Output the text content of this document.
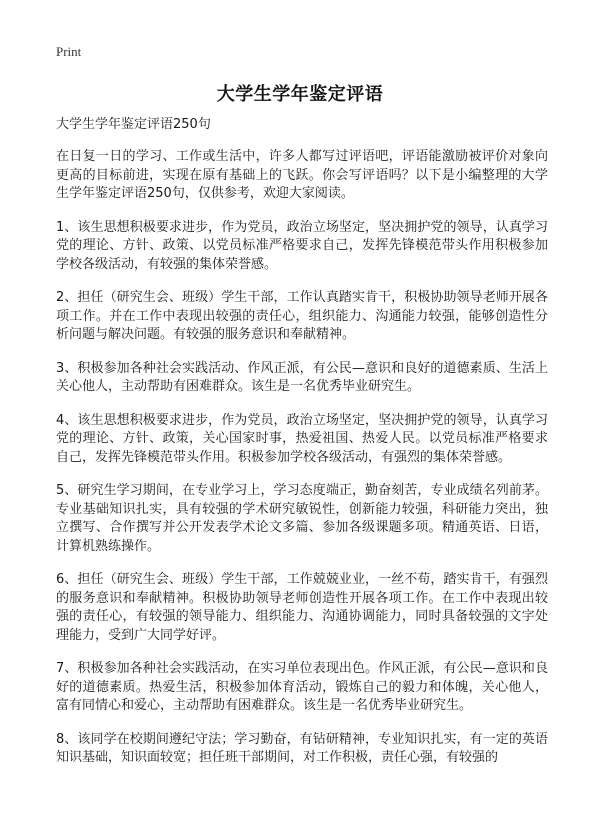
Print
大学生学年鉴定评语

大学生学年鉴定评语250句

在日复一日的学习、工作或生活中，许多人都写过评语吧，评语能激励被评价对象向更高的目标前进，实现在原有基础上的飞跃。你会写评语吗？以下是小编整理的大学生学年鉴定评语250句，仅供参考，欢迎大家阅读。

1、该生思想积极要求进步，作为党员，政治立场坚定，坚决拥护党的领导，认真学习党的理论、方针、政策、以党员标准严格要求自己，发挥先锋模范带头作用积极参加学校各级活动，有较强的集体荣誉感。

2、担任（研究生会、班级）学生干部，工作认真踏实肯干，积极协助领导老师开展各项工作。并在工作中表现出较强的责任心，组织能力、沟通能力较强，能够创造性分析问题与解决问题。有较强的服务意识和奉献精神。

3、积极参加各种社会实践活动、作风正派，有公民—意识和良好的道德素质、生活上关心他人，主动帮助有困难群众。该生是一名优秀毕业研究生。

4、该生思想积极要求进步，作为党员，政治立场坚定，坚决拥护党的领导，认真学习党的理论、方针、政策，关心国家时事，热爱祖国、热爱人民。以党员标准严格要求自己，发挥先锋模范带头作用。积极参加学校各级活动，有强烈的集体荣誉感。

5、研究生学习期间，在专业学习上，学习态度端正，勤奋刻苦，专业成绩名列前茅。专业基础知识扎实，具有较强的学术研究敏锐性，创新能力较强，科研能力突出，独立撰写、合作撰写并公开发表学术论文多篇、参加各级课题多项。精通英语、日语，计算机熟练操作。

6、担任（研究生会、班级）学生干部，工作兢兢业业，一丝不苟，踏实肯干，有强烈的服务意识和奉献精神。积极协助领导老师创造性开展各项工作。在工作中表现出较强的责任心，有较强的领导能力、组织能力、沟通协调能力，同时具备较强的文字处理能力，受到广大同学好评。

7、积极参加各种社会实践活动，在实习单位表现出色。作风正派，有公民—意识和良好的道德素质。热爱生活，积极参加体育活动，锻炼自己的毅力和体魄，关心他人，富有同情心和爱心，主动帮助有困难群众。该生是一名优秀毕业研究生。

8、该同学在校期间遵纪守法；学习勤奋，有钻研精神，专业知识扎实，有一定的英语知识基础，知识面较宽；担任班干部期间，对工作积极，责任心强，有较强的
